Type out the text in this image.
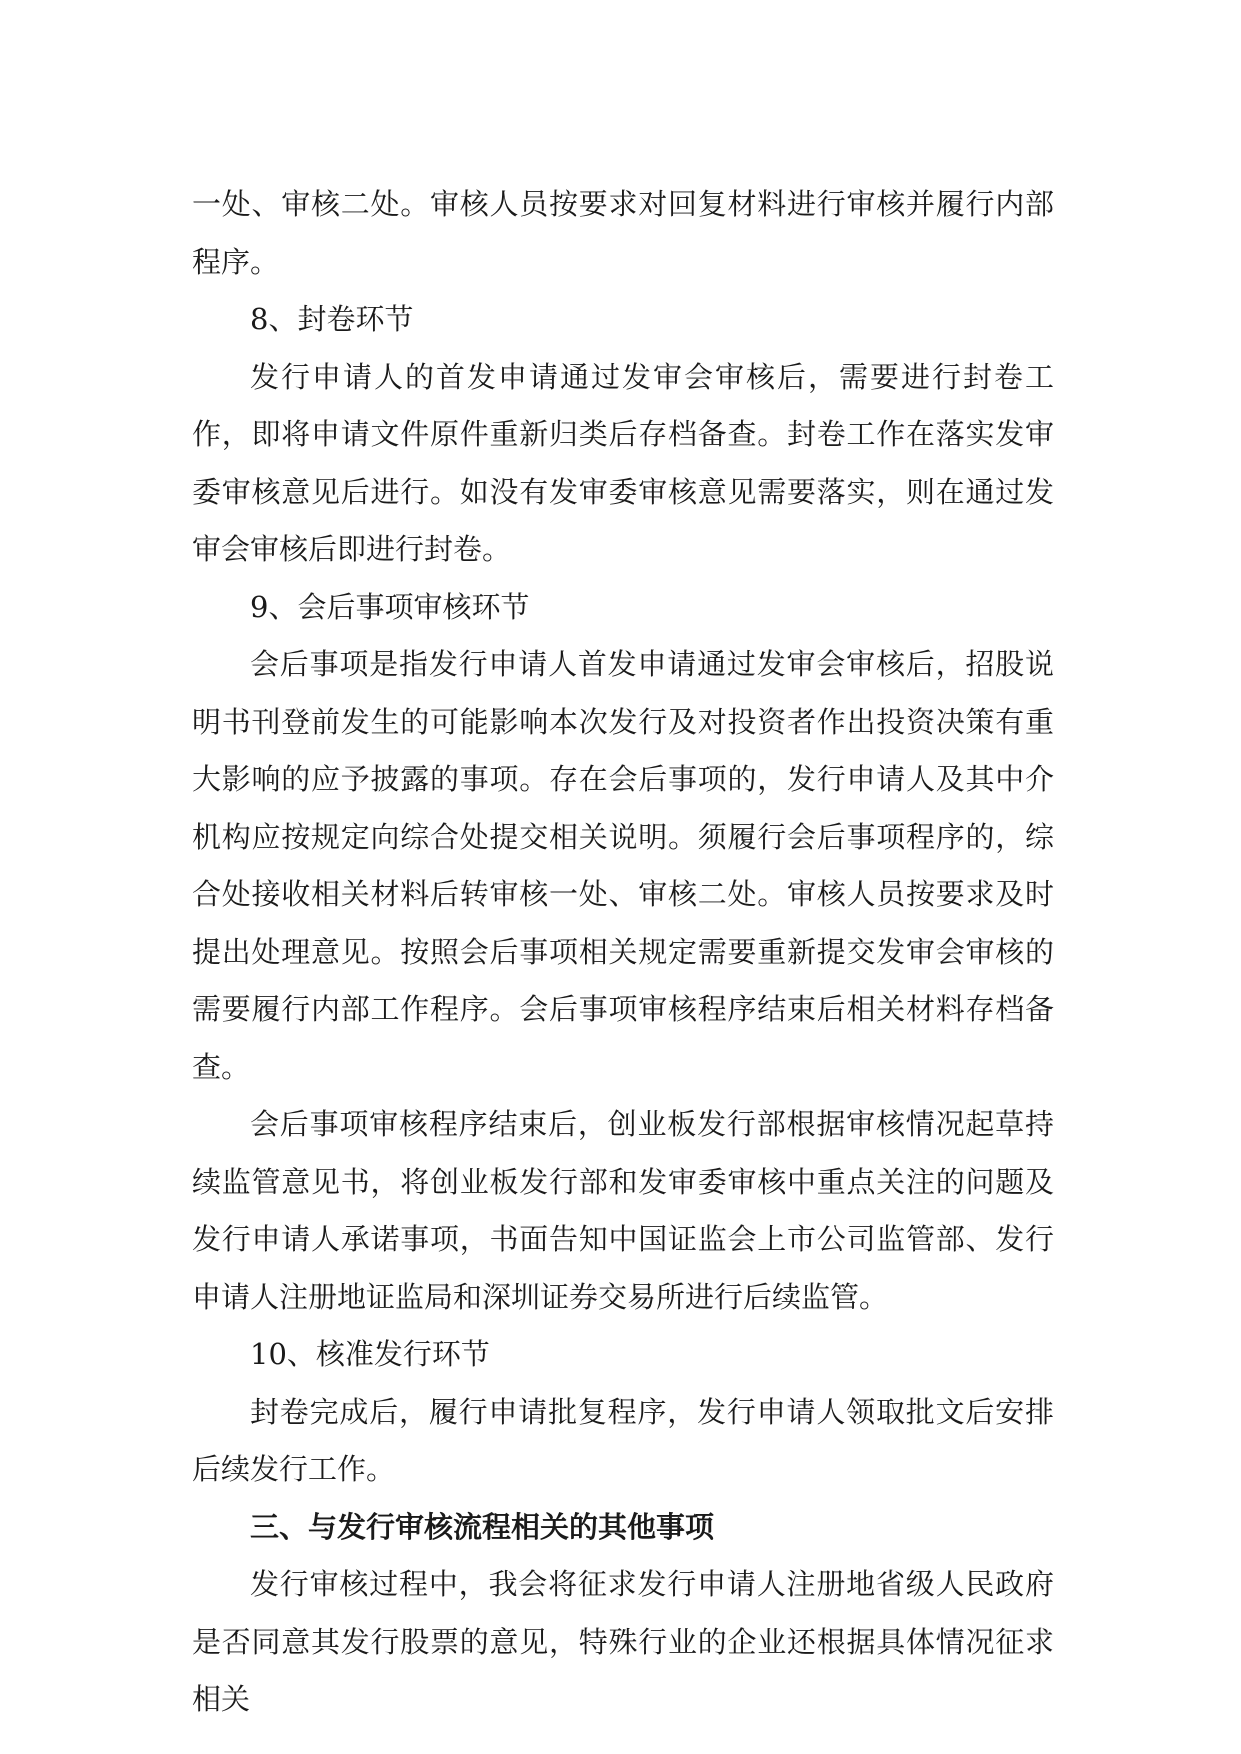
一处、审核二处。审核人员按要求对回复材料进行审核并履行内部程序。

8、封卷环节

发行申请人的首发申请通过发审会审核后，需要进行封卷工作，即将申请文件原件重新归类后存档备查。封卷工作在落实发审委审核意见后进行。如没有发审委审核意见需要落实，则在通过发审会审核后即进行封卷。

9、会后事项审核环节

会后事项是指发行申请人首发申请通过发审会审核后，招股说明书刊登前发生的可能影响本次发行及对投资者作出投资决策有重大影响的应予披露的事项。存在会后事项的，发行申请人及其中介机构应按规定向综合处提交相关说明。须履行会后事项程序的，综合处接收相关材料后转审核一处、审核二处。审核人员按要求及时提出处理意见。按照会后事项相关规定需要重新提交发审会审核的需要履行内部工作程序。会后事项审核程序结束后相关材料存档备查。

会后事项审核程序结束后，创业板发行部根据审核情况起草持续监管意见书，将创业板发行部和发审委审核中重点关注的问题及发行申请人承诺事项，书面告知中国证监会上市公司监管部、发行申请人注册地证监局和深圳证券交易所进行后续监管。

10、核准发行环节

封卷完成后，履行申请批复程序，发行申请人领取批文后安排后续发行工作。

三、与发行审核流程相关的其他事项

发行审核过程中，我会将征求发行申请人注册地省级人民政府是否同意其发行股票的意见，特殊行业的企业还根据具体情况征求相关
